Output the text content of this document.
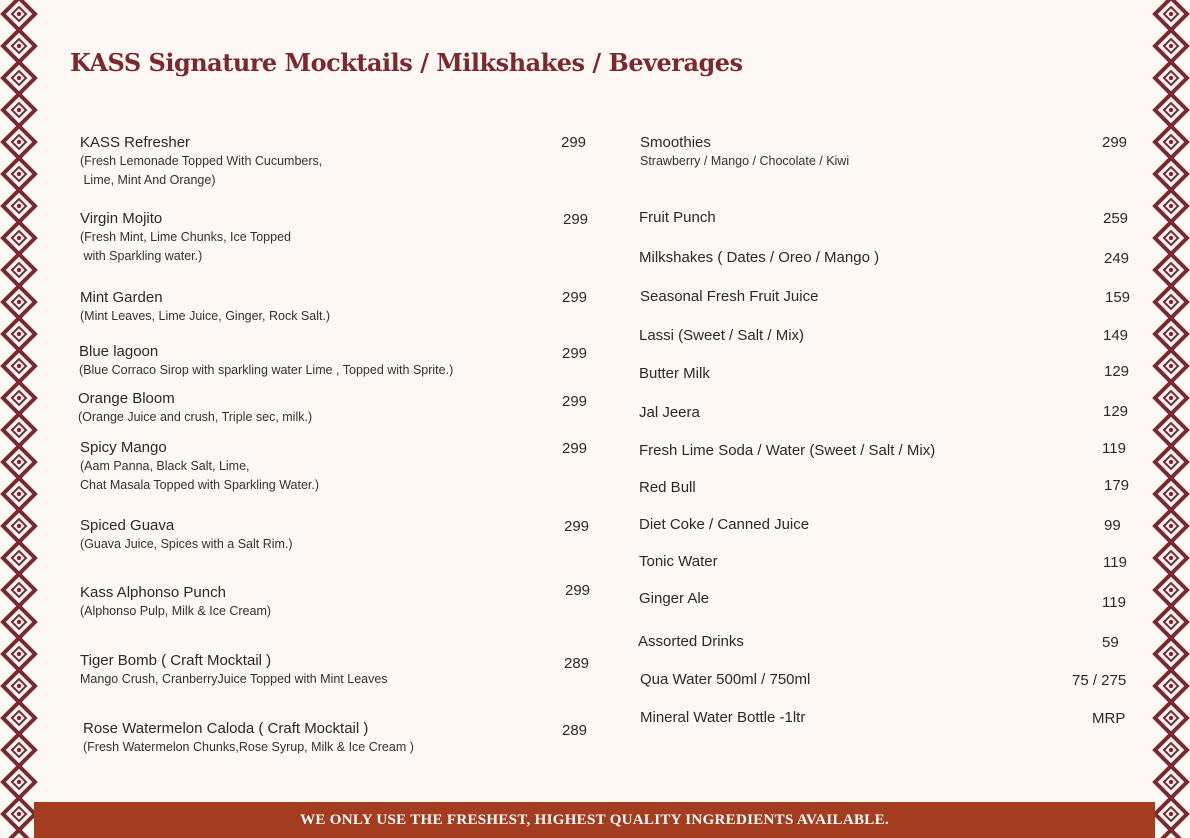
KASS Signature Mocktails / Milkshakes / Beverages
KASS Refresher
(Fresh Lemonade Topped With Cucumbers,
Lime, Mint And Orange)
299
Virgin Mojito
(Fresh Mint, Lime Chunks, Ice Topped
with Sparkling water.)
299
Mint Garden
(Mint Leaves, Lime Juice, Ginger, Rock Salt.)
299
Blue lagoon
(Blue Corraco Sirop with sparkling water Lime , Topped with Sprite.)
299
Orange Bloom
(Orange Juice and crush, Triple sec, milk.)
299
Spicy Mango
(Aam Panna, Black Salt, Lime,
Chat Masala Topped with Sparkling Water.)
299
Spiced Guava
(Guava Juice, Spices with a Salt Rim.)
299
Kass Alphonso Punch
(Alphonso Pulp, Milk & Ice Cream)
299
Tiger Bomb ( Craft Mocktail )
Mango Crush, CranberryJuice Topped with Mint Leaves
289
Rose Watermelon Caloda ( Craft Mocktail )
(Fresh Watermelon Chunks,Rose Syrup, Milk & Ice Cream )
289
Smoothies
Strawberry / Mango / Chocolate / Kiwi
299
Fruit Punch	259
Milkshakes ( Dates / Oreo / Mango )	249
Seasonal Fresh Fruit Juice	159
Lassi (Sweet / Salt / Mix)	149
Butter Milk	129
Jal Jeera	129
Fresh Lime Soda / Water (Sweet / Salt / Mix)	119
Red Bull	179
Diet Coke / Canned Juice	99
Tonic Water	119
Ginger Ale	119
Assorted Drinks	59
Qua Water 500ml / 750ml	75 / 275
Mineral Water Bottle -1ltr	MRP
WE ONLY USE THE FRESHEST, HIGHEST QUALITY INGREDIENTS AVAILABLE.
